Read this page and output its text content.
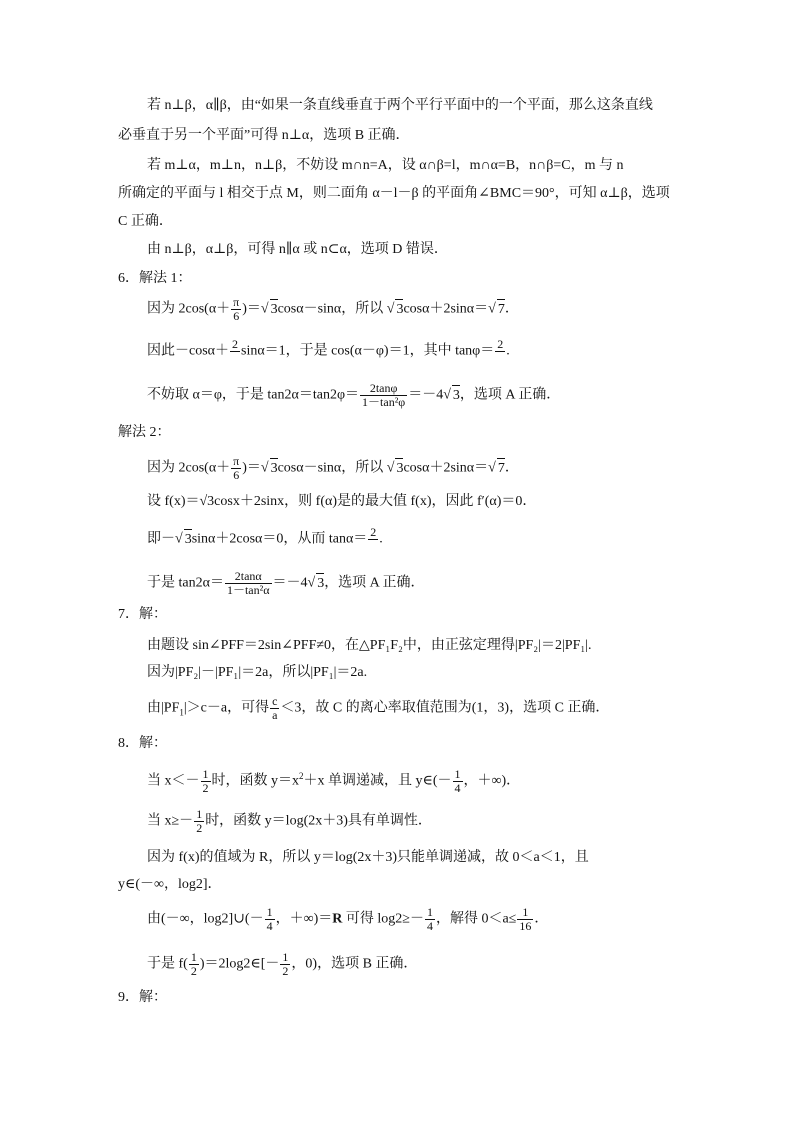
若 n⊥β，α∥β，由“如果一条直线垂直于两个平行平面中的一个平面，那么这条直线
必垂直于另一个平面”可得 n⊥α，选项 B 正确．
若 m⊥α，m⊥n，n⊥β，不妨设 m∩n=A，设 α∩β=l，m∩α=B，n∩β=C，m 与 n
所确定的平面与 l 相交于点 M，则二面角 α－l－β 的平面角∠BMC＝90°，可知 α⊥β，选项
C 正确．
由 n⊥β，α⊥β，可得 n∥α 或 n⊂α，选项 D 错误．
6．解法 1：
因为 $2\cos(\alpha+ \frac{\pi}{6}$ )＝√ 3cosα－sinα，所以 √ 3cosα＋2sinα＝√ 7．
因此－cosα＋ 2
sinα＝1，于是 cos(α－φ)＝1，其中 tanφ＝ 2
.
不妨取 α＝φ，于是 $\tan 2\alpha=\tan 2\varphi= \frac{2\tan\varphi}{\text{1－tan²φ}} =-4√$ 3，选项 A 正确．
解法 2：
因为 $2\cos(\alpha+ \frac{\pi}{6}$ )＝√ 3cosα－sinα，所以 √ 3cosα＋2sinα＝√ 7．
设 f(x)＝√3cosx＋2sinx，则 f(α)是的最大值 f(x)，因此 f′(α)＝0．
即－√ 3sinα＋2cosα＝0，从而 tanα＝ 2
.
于是 $\tan 2\alpha= \frac{2\tan\alpha}{\text{1－tan²α}} =-4√$ 3，选项 A 正确．
7．解：
由题设 sin∠PFF＝2sin∠PFF≠0，在△PF₁F₂中，由正弦定理得|PF₂|＝2|PF₁|.
因为|PF₂|－|PF₁|＝2a，所以|PF₁|＝2a.
由$|PF_1|>c-a$，可得 $\frac{c}{a} <3$，故 C 的离心率取值范围为(1，3)，选项 C 正确．
8．解：
当 $x<- \frac{1}{2}$ 时，函数 $y=x^2+x$ 单调递减，且 y∈(－ $\frac{1}{4}$ ，＋∞)．
当 $x\ge- \frac{1}{2}$ 时，函数 y＝log(2x＋3)具有单调性．
因为 f(x)的值域为 R，所以 y＝log(2x＋3)只能单调递减，故 0＜a＜1，且
y∈(－∞，log2]．
由(－∞，log2]∪(－ $\frac{1}{4}$ ，＋∞)＝R 可得 $\log 2\ge- \frac{1}{4}$ ，解得 $0<a\le \frac{1}{16}$ ．
于是 $f( \frac{1}{2}$ )＝2log2∈[－ $\frac{1}{2}$ ，0)，选项 B 正确．
9．解：
